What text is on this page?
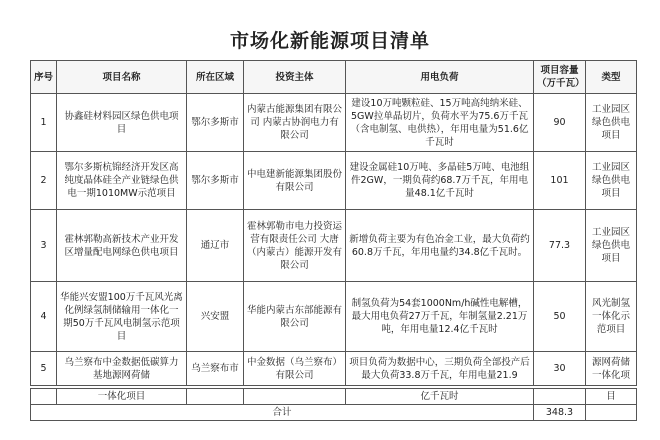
市场化新能源项目清单
序号	项目名称	所在区域	投资主体	用电负荷	项目容量（万千瓦）	类型
1	协鑫硅材料园区绿色供电项目	鄂尔多斯市	内蒙古能源集团有限公司 内蒙古协润电力有限公司	建设10万吨颗粒硅、15万吨高纯纳米硅、5GW拉单晶切片，负荷水平为75.6万千瓦（含电制氢、电供热），年用电量为51.6亿千瓦时	90	工业园区绿色供电项目
2	鄂尔多斯杭锦经济开发区高纯度晶体硅全产业链绿色供电一期1010MW示范项目	鄂尔多斯市	中电建新能源集团股份有限公司	建设金属硅10万吨、多晶硅5万吨、电池组件2GW，一期负荷约68.7万千瓦，年用电量48.1亿千瓦时	101	工业园区绿色供电项目
3	霍林郭勒高新技术产业开发区增量配电网绿色供电项目	通辽市	霍林郭勒市电力投资运营有限责任公司 大唐（内蒙古）能源开发有限公司	新增负荷主要为有色冶金工业，最大负荷约60.8万千瓦，年用电量约34.8亿千瓦时。	77.3	工业园区绿色供电项目
4	华能兴安盟100万千瓦风光离化例绿氢制储输用一体化一期50万千瓦风电制氢示范项目	兴安盟	华能内蒙古东部能源有限公司	制氢负荷为54套1000Nm/h碱性电解槽，最大用电负荷27万千瓦，年制氢量2.21万吨，年用电量12.4亿千瓦时	50	风光制氢一体化示范项目
5	乌兰察布中金数据低碳算力基地源网荷储	乌兰察布市	中金数据（乌兰察布）有限公司	项目负荷为数据中心，三期负荷全部投产后最大负荷33.8万千瓦，年用电量21.9	30	源网荷储一体化项
	一体化项目			亿千瓦时		目
合计					348.3	
